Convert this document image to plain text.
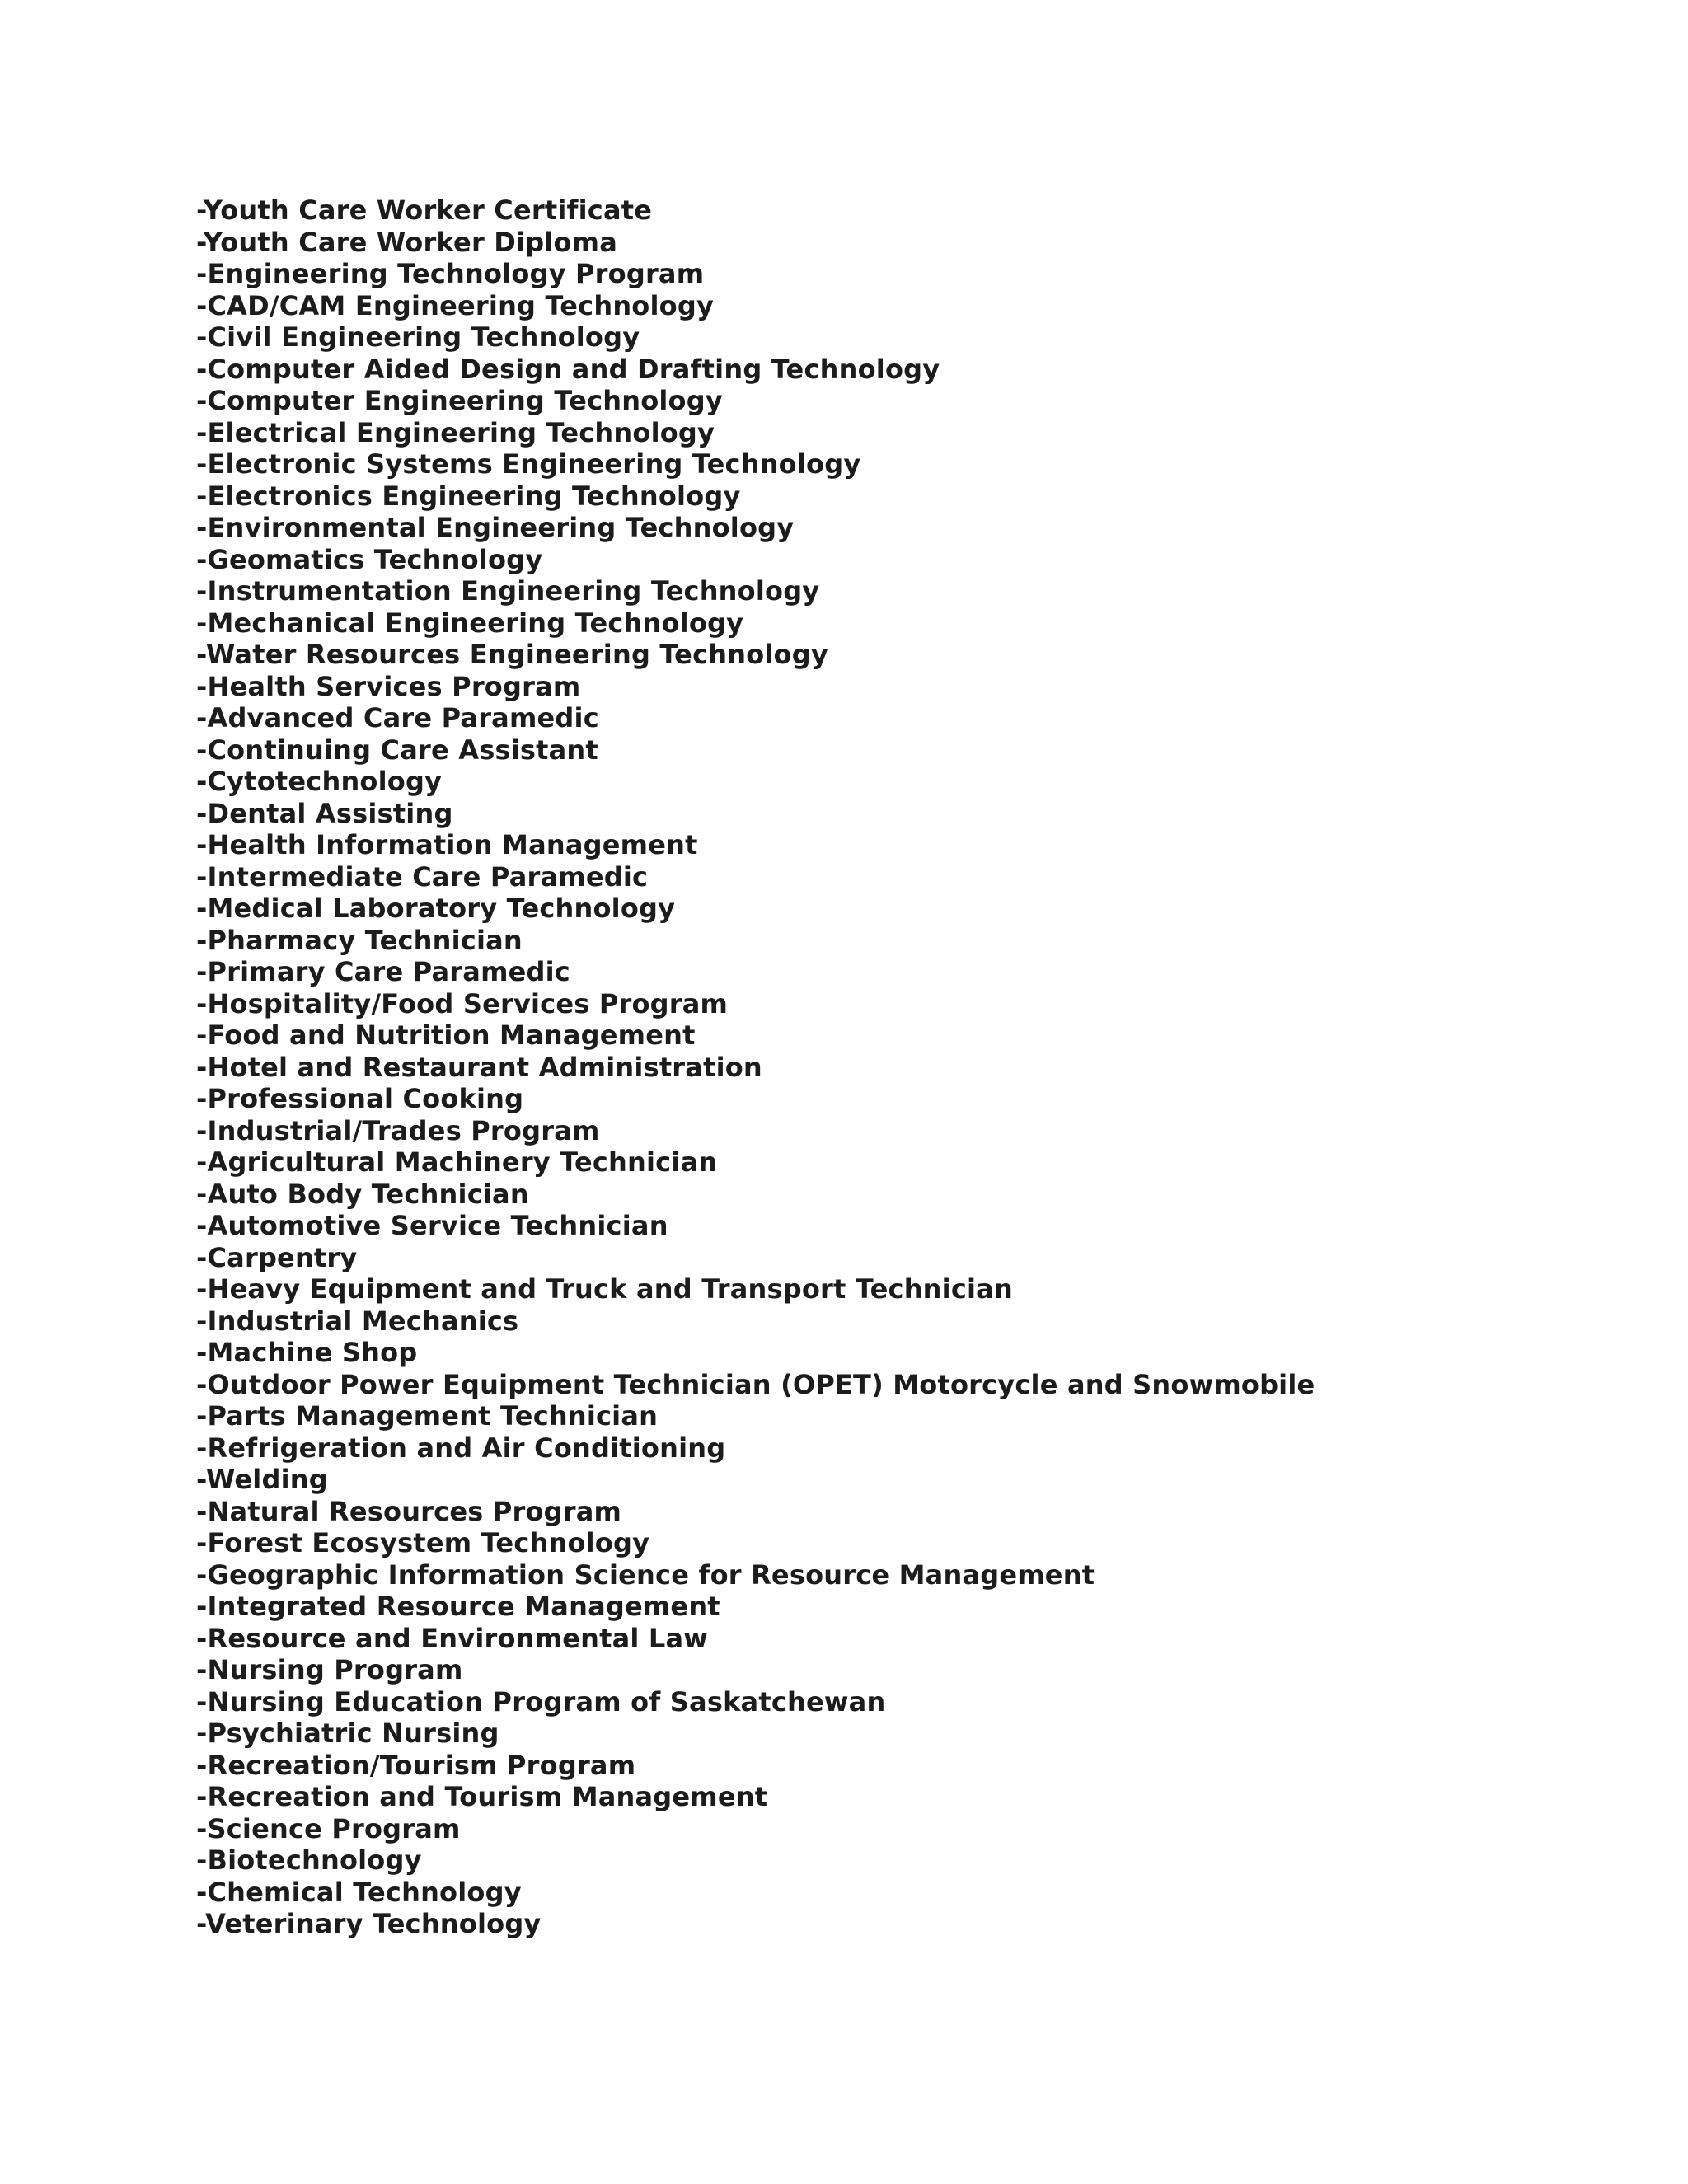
-Youth Care Worker Certificate
-Youth Care Worker Diploma
-Engineering Technology Program
-CAD/CAM Engineering Technology
-Civil Engineering Technology
-Computer Aided Design and Drafting Technology
-Computer Engineering Technology
-Electrical Engineering Technology
-Electronic Systems Engineering Technology
-Electronics Engineering Technology
-Environmental Engineering Technology
-Geomatics Technology
-Instrumentation Engineering Technology
-Mechanical Engineering Technology
-Water Resources Engineering Technology
-Health Services Program
-Advanced Care Paramedic
-Continuing Care Assistant
-Cytotechnology
-Dental Assisting
-Health Information Management
-Intermediate Care Paramedic
-Medical Laboratory Technology
-Pharmacy Technician
-Primary Care Paramedic
-Hospitality/Food Services Program
-Food and Nutrition Management
-Hotel and Restaurant Administration
-Professional Cooking
-Industrial/Trades Program
-Agricultural Machinery Technician
-Auto Body Technician
-Automotive Service Technician
-Carpentry
-Heavy Equipment and Truck and Transport Technician
-Industrial Mechanics
-Machine Shop
-Outdoor Power Equipment Technician (OPET) Motorcycle and Snowmobile
-Parts Management Technician
-Refrigeration and Air Conditioning
-Welding
-Natural Resources Program
-Forest Ecosystem Technology
-Geographic Information Science for Resource Management
-Integrated Resource Management
-Resource and Environmental Law
-Nursing Program
-Nursing Education Program of Saskatchewan
-Psychiatric Nursing
-Recreation/Tourism Program
-Recreation and Tourism Management
-Science Program
-Biotechnology
-Chemical Technology
-Veterinary Technology
